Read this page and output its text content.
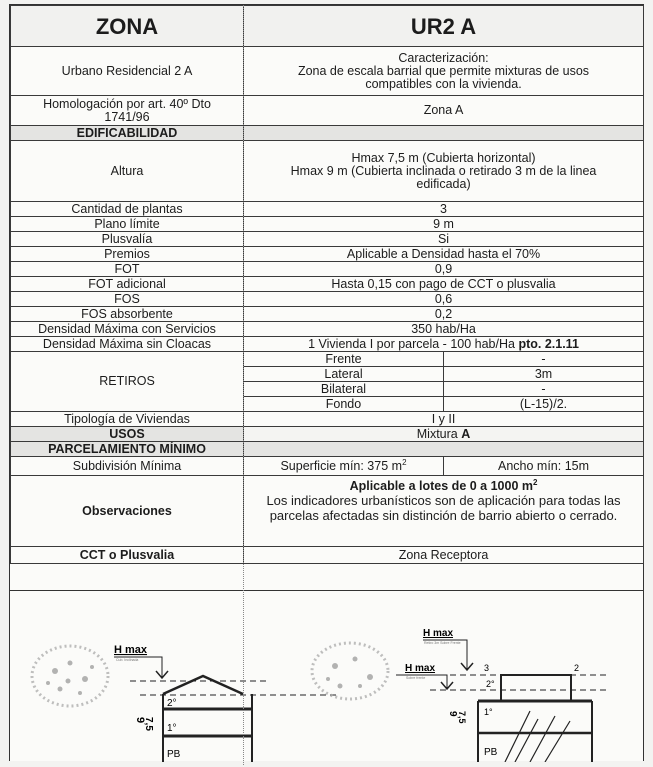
ZONA	UR2 A	
Urbano Residencial 2 A	Caracterización:
Zona de escala barrial que permite mixturas de usos compatibles con la vivienda.	

Homologación por art. 40º Dto 1741/96	Zona A	
EDIFICABILIDAD		
Altura	Hmax 7,5 m (Cubierta horizontal)
Hmax 9 m (Cubierta inclinada o retirado 3 m de la linea edificada)	

Cantidad de plantas	3	
Plano límite	9 m	
Plusvalía	Si	
Premios	Aplicable a Densidad hasta el 70%	
FOT	0,9	
FOT adicional	Hasta 0,15 con pago de CCT o plusvalia	
FOS	0,6	
FOS absorbente	0,2	
Densidad Máxima con Servicios	350 hab/Ha	
Densidad Máxima sin Cloacas	1 Vivienda I por parcela - 100 hab/Ha pto. 2.1.11	
RETIROS	Frente	-
	Lateral	3m
	Bilateral	-
	Fondo	(L-15)/2.
Tipología de Viviendas	I y II	
USOS	Mixtura A	
PARCELAMIENTO MÍNIMO		
Subdivisión Mínima	Superficie mín: 375 $m^2$	Ancho mín: 15m
Observaciones	Aplicable a lotes de 0 a 1000 $m^2$
Los indicadores urbanísticos son de aplicación para todas las parcelas afectadas sin distinción de barrio abierto o cerrado.	

CCT o Plusvalia	Zona Receptora	
H max
Cub. Inclinada
2°
1°
PB
9
7,5
H max
Retiro 3m Sobre Frente
H max
Sobre frente
3	2
2°
1°
PB
9 7,5
